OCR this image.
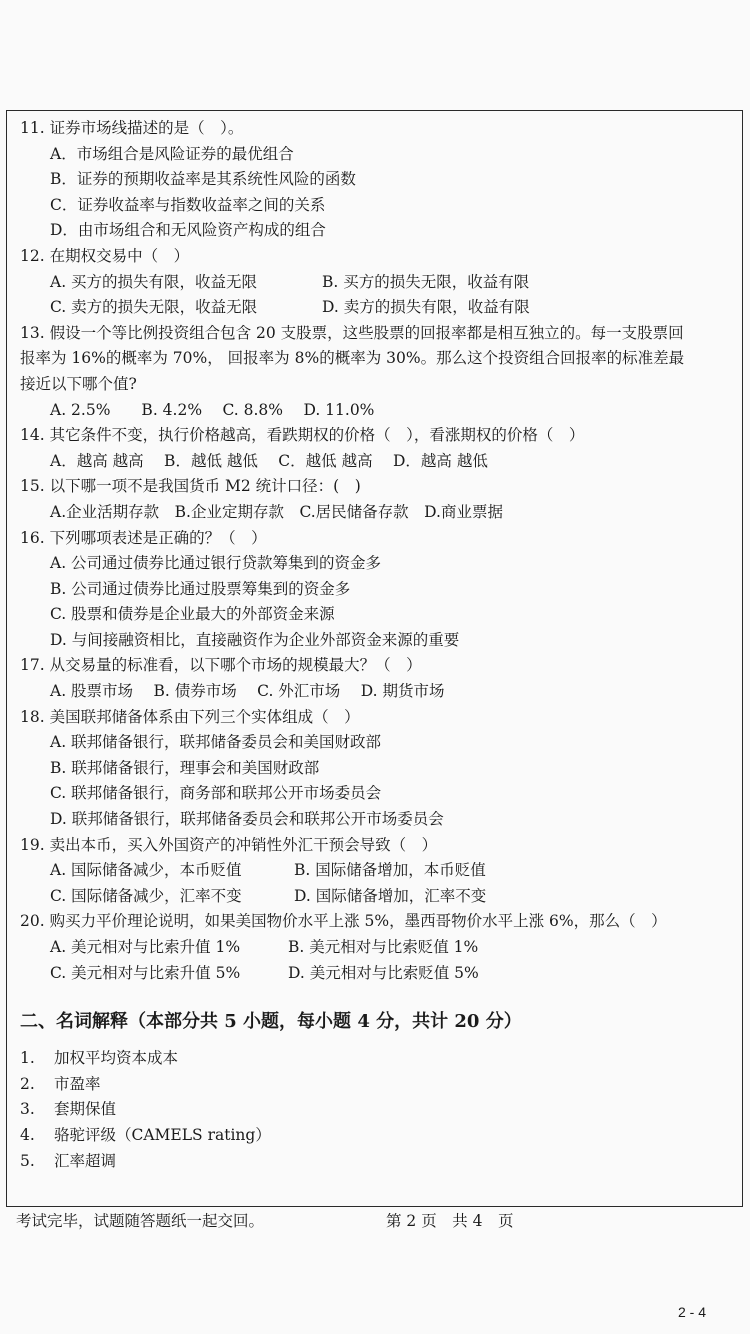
11. 证券市场线描述的是（　）。
A．市场组合是风险证券的最优组合
B．证券的预期收益率是其系统性风险的函数
C．证券收益率与指数收益率之间的关系
D．由市场组合和无风险资产构成的组合
12. 在期权交易中（　）
A. 买方的损失有限，收益无限	B. 买方的损失无限，收益有限
C. 卖方的损失无限，收益无限	D. 卖方的损失有限，收益有限
13. 假设一个等比例投资组合包含 20 支股票，这些股票的回报率都是相互独立的。每一支股票回
报率为 16%的概率为 70%， 回报率为 8%的概率为 30%。那么这个投资组合回报率的标准差最
接近以下哪个值?
A. 2.5%　　B. 4.2%　 C. 8.8%　 D. 11.0%
14. 其它条件不变，执行价格越高，看跌期权的价格（　），看涨期权的价格（　）
A．越高 越高　 B．越低 越低　 C．越低 越高　 D．越高 越低
15. 以下哪一项不是我国货币 M2 统计口径：(　)
A.企业活期存款　B.企业定期存款　C.居民储备存款　D.商业票据
16. 下列哪项表述是正确的？（　）
A. 公司通过债券比通过银行贷款筹集到的资金多
B. 公司通过债券比通过股票筹集到的资金多
C. 股票和债券是企业最大的外部资金来源
D. 与间接融资相比，直接融资作为企业外部资金来源的重要
17. 从交易量的标准看，以下哪个市场的规模最大？（　）
A. 股票市场　 B. 债券市场　 C. 外汇市场　 D. 期货市场
18. 美国联邦储备体系由下列三个实体组成（　）
A. 联邦储备银行，联邦储备委员会和美国财政部
B. 联邦储备银行，理事会和美国财政部
C. 联邦储备银行，商务部和联邦公开市场委员会
D. 联邦储备银行，联邦储备委员会和联邦公开市场委员会
19. 卖出本币，买入外国资产的冲销性外汇干预会导致（　）
A. 国际储备减少，本币贬值	B. 国际储备增加，本币贬值
C. 国际储备减少，汇率不变	D. 国际储备增加，汇率不变
20. 购买力平价理论说明，如果美国物价水平上涨 5%，墨西哥物价水平上涨 6%，那么（　）
A. 美元相对与比索升值 1%	B. 美元相对与比索贬值 1%
C. 美元相对与比索升值 5%	D. 美元相对与比索贬值 5%
二、名词解释（本部分共 5 小题，每小题 4 分，共计 20 分）
1.	加权平均资本成本
2.	市盈率
3.	套期保值
4.	骆驼评级（CAMELS rating）
5.	汇率超调
考试完毕，试题随答题纸一起交回。	第 2 页　共 4　页
2 - 4
